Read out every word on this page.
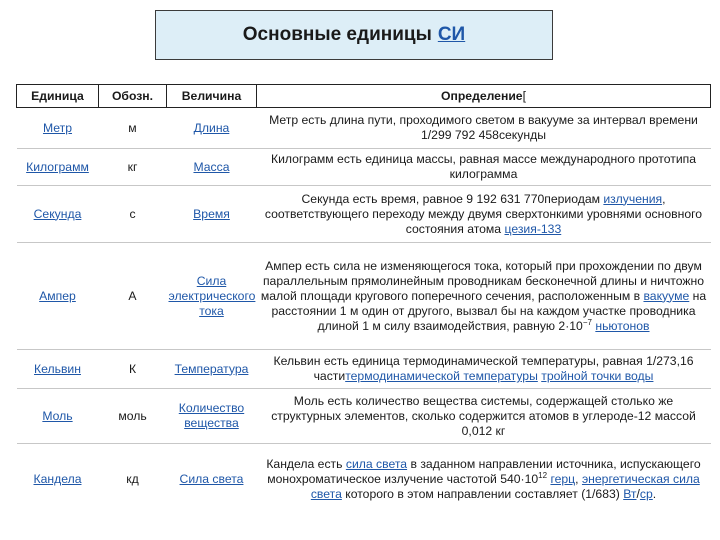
Основные единицы СИ
Единица	Обозн.	Величина	Определение[
Метр	м	Длина	Метр есть длина пути, проходимого светом в вакууме за интервал времени 1/299 792 458секунды
Килограмм	кг	Масса	Килограмм есть единица массы, равная массе международного прототипа килограмма
Секунда	с	Время	Секунда есть время, равное 9 192 631 770периодам излучения, соответствующего переходу между двумя сверхтонкими уровнями основного состояния атома цезия-133
Ампер	А	Сила электрического тока	Ампер есть сила не изменяющегося тока, который при прохождении по двум параллельным прямолинейным проводникам бесконечной длины и ничтожно малой площади кругового поперечного сечения, расположенным в вакууме на расстоянии 1 м один от другого, вызвал бы на каждом участке проводника длиной 1 м силу взаимодействия, равную $2\cdot 10^{-7}$ ньютонов
Кельвин	К	Температура	Кельвин есть единица термодинамической температуры, равная 1/273,16 частитермодинамической температуры тройной точки воды
Моль	моль	Количество вещества	Моль есть количество вещества системы, содержащей столько же структурных элементов, сколько содержится атомов в углероде-12 массой 0,012 кг
Кандела	кд	Сила света	Кандела есть сила света в заданном направлении источника, испускающего монохроматическое излучение частотой $540\cdot 10^{12}$ герц, энергетическая сила света которого в этом направлении составляет (1/683) Вт/ср.
